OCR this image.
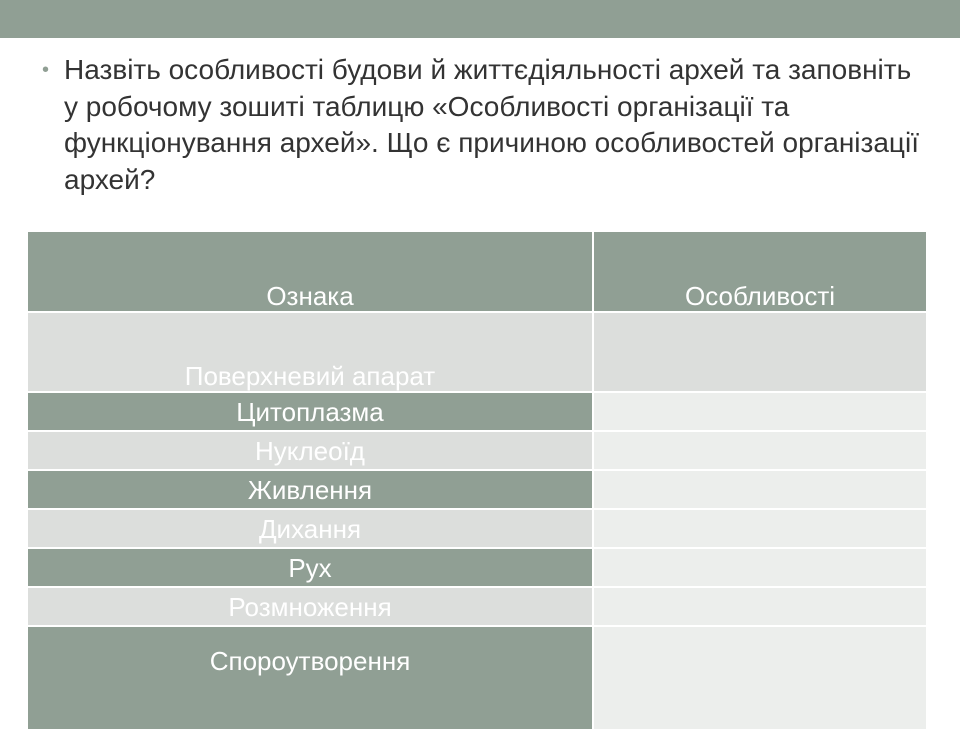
• Назвіть особливості будови й життєдіяльності архей та заповніть у робочому зошиті таблицю «Особливості організації та функціонування архей». Що є причиною особливостей організації архей?

Ознака	Особливості
Поверхневий апарат	
Цитоплазма	
Нуклеоїд	
Живлення	
Дихання	
Рух	
Розмноження	
Спороутворення	
